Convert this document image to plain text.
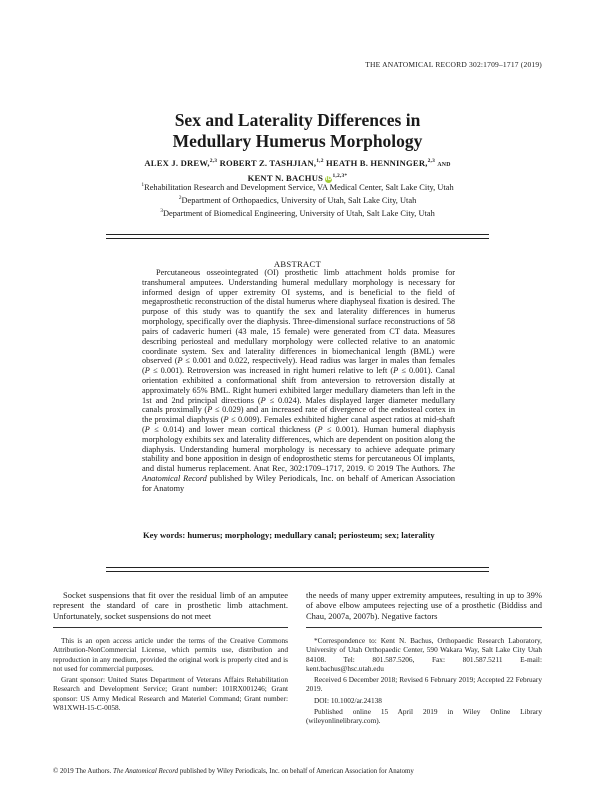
THE ANATOMICAL RECORD 302:1709–1717 (2019)
Sex and Laterality Differences in
Medullary Humerus Morphology
ALEX J. DREW,$^{2,3}$ ROBERT Z. TASHJIAN,$^{1,2}$ HEATH B. HENNINGER,$^{2,3}$ AND
KENT N. BACHUS $iD^{1,2,3*}$
$^1$Rehabilitation Research and Development Service, VA Medical Center, Salt Lake City, Utah
$^2$Department of Orthopaedics, University of Utah, Salt Lake City, Utah
$^3$Department of Biomedical Engineering, University of Utah, Salt Lake City, Utah
ABSTRACT
Percutaneous osseointegrated (OI) prosthetic limb attachment holds promise for transhumeral amputees. Understanding humeral medullary morphology is necessary for informed design of upper extremity OI systems, and is beneficial to the field of megaprosthetic reconstruction of the distal humerus where diaphyseal fixation is desired. The purpose of this study was to quantify the sex and laterality differences in humerus morphology, specifically over the diaphysis. Three-dimensional surface reconstructions of 58 pairs of cadaveric humeri (43 male, 15 female) were generated from CT data. Measures describing periosteal and medullary morphology were collected relative to an anatomic coordinate system. Sex and laterality differences in biomechanical length (BML) were observed (P ≤ 0.001 and 0.022, respectively). Head radius was larger in males than females (P ≤ 0.001). Retroversion was increased in right humeri relative to left (P ≤ 0.001). Canal orientation exhibited a conformational shift from anteversion to retroversion distally at approximately 65% BML. Right humeri exhibited larger medullary diameters than left in the 1st and 2nd principal directions (P ≤ 0.024). Males displayed larger diameter medullary canals proximally (P ≤ 0.029) and an increased rate of divergence of the endosteal cortex in the proximal diaphysis (P ≤ 0.009). Females exhibited higher canal aspect ratios at mid-shaft (P ≤ 0.014) and lower mean cortical thickness (P ≤ 0.001). Human humeral diaphysis morphology exhibits sex and laterality differences, which are dependent on position along the diaphysis. Understanding humeral morphology is necessary to achieve adequate primary stability and bone apposition in design of endoprosthetic stems for percutaneous OI implants, and distal humerus replacement. Anat Rec, 302:1709–1717, 2019. © 2019 The Authors. The Anatomical Record published by Wiley Periodicals, Inc. on behalf of American Association for Anatomy
Key words: humerus; morphology; medullary canal; periosteum; sex; laterality
Socket suspensions that fit over the residual limb of an amputee represent the standard of care in prosthetic limb attachment. Unfortunately, socket suspensions do not meet
the needs of many upper extremity amputees, resulting in up to 39% of above elbow amputees rejecting use of a prosthetic (Biddiss and Chau, 2007a, 2007b). Negative factors

This is an open access article under the terms of the Creative Commons Attribution-NonCommercial License, which permits use, distribution and reproduction in any medium, provided the original work is properly cited and is not used for commercial purposes.

Grant sponsor: United States Department of Veterans Affairs Rehabilitation Research and Development Service; Grant number: 101RX001246; Grant sponsor: US Army Medical Research and Materiel Command; Grant number: W81XWH-15-C-0058.

*Correspondence to: Kent N. Bachus, Orthopaedic Research Laboratory, University of Utah Orthopaedic Center, 590 Wakara Way, Salt Lake City Utah 84108. Tel: 801.587.5206, Fax: 801.587.5211 E-mail: kent.bachus@hsc.utah.edu

Received 6 December 2018; Revised 6 February 2019; Accepted 22 February 2019.

DOI: 10.1002/ar.24138

Published online 15 April 2019 in Wiley Online Library (wileyonlinelibrary.com).

© 2019 The Authors. The Anatomical Record published by Wiley Periodicals, Inc. on behalf of American Association for Anatomy
